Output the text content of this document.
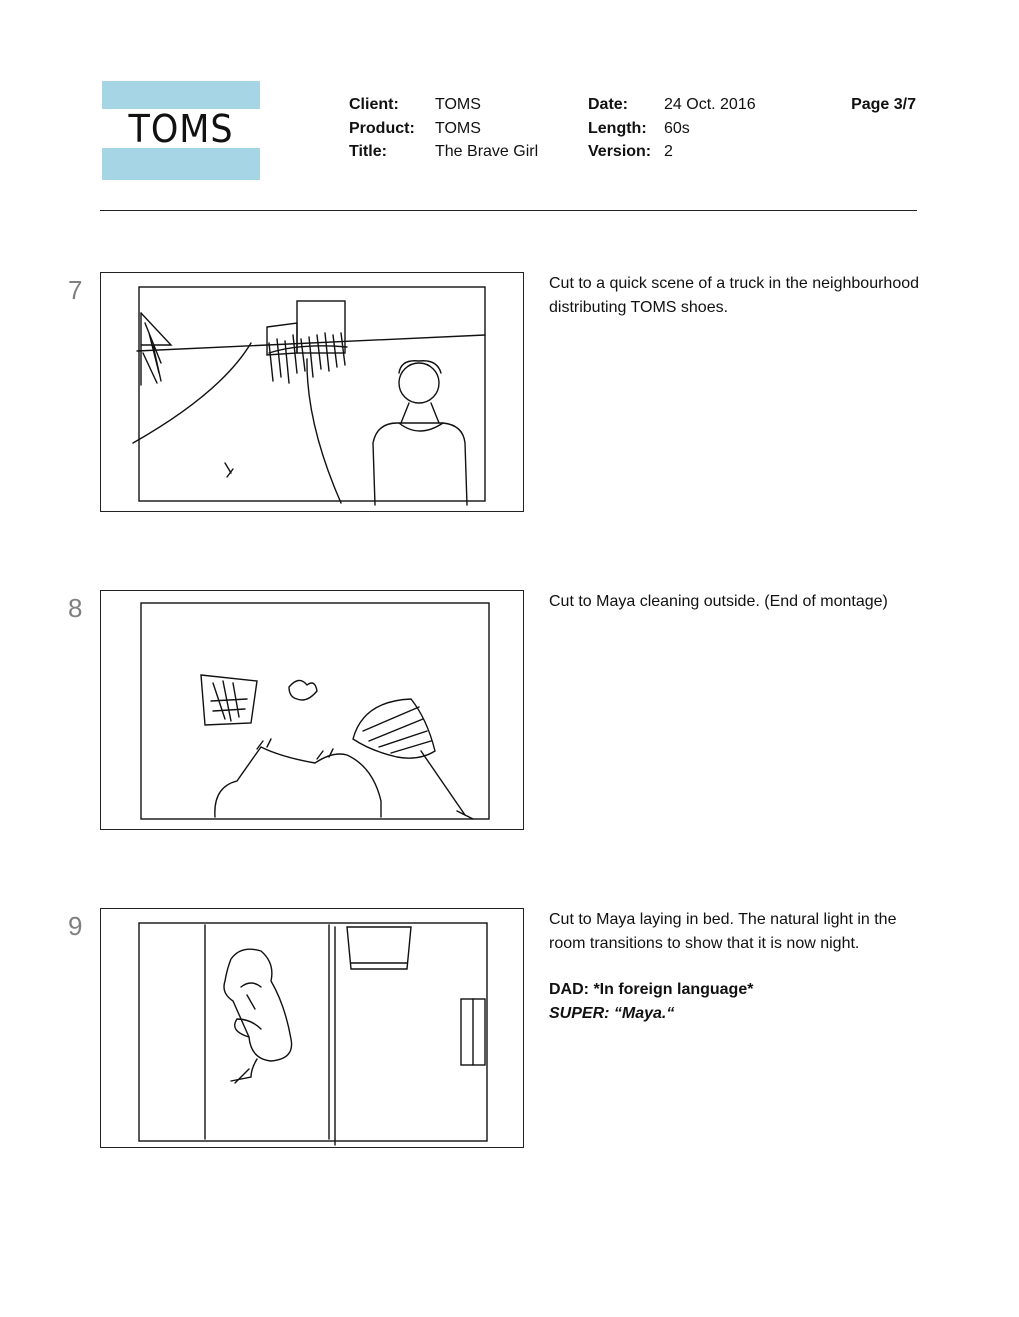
TOMS
Client:	TOMS
Product:	TOMS
Title:	The Brave Girl
Date:	24 Oct. 2016
Length:	60s
Version: 2
Page 3/7
7	Cut to a quick scene of a truck in the neighbourhood distributing TOMS shoes.
8	Cut to Maya cleaning outside. (End of montage)
9	Cut to Maya laying in bed. The natural light in the room transitions to show that it is now night.
DAD: *In foreign language*
SUPER: “Maya.“
